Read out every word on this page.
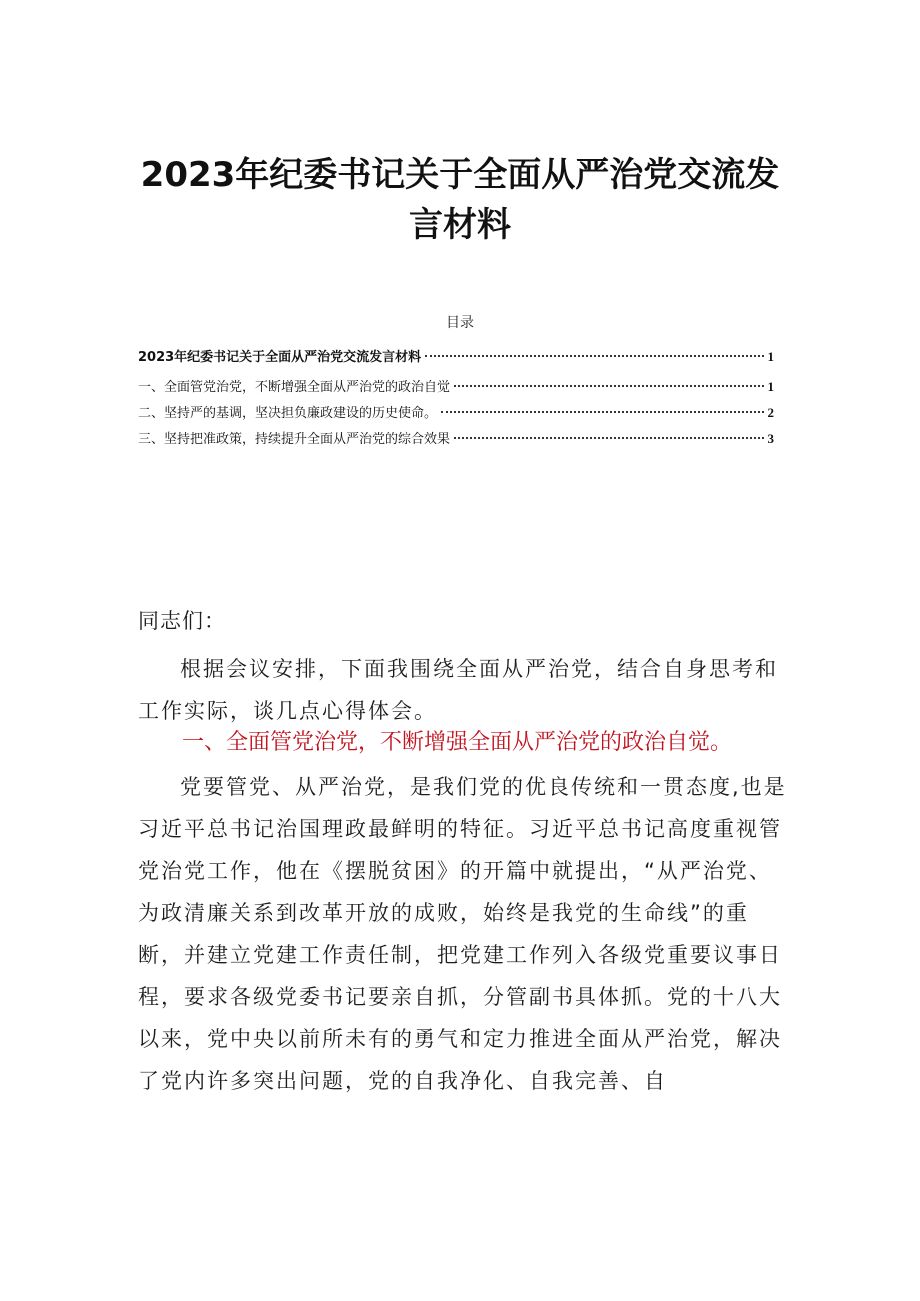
2023年纪委书记关于全面从严治党交流发
言材料
目录
2023年纪委书记关于全面从严治党交流发言材料	1
一、全面管党治党，不断增强全面从严治党的政治自觉	1
二、坚持严的基调，坚决担负廉政建设的历史使命。	2
三、坚持把准政策，持续提升全面从严治党的综合效果	3

同志们：

根据会议安排，下面我围绕全面从严治党，结合自身思考和工作实际，谈几点心得体会。

一、全面管党治党，不断增强全面从严治党的政治自觉。

党要管党、从严治党，是我们党的优良传统和一贯态度,也是习近平总书记治国理政最鲜明的特征。习近平总书记高度重视管党治党工作，他在《摆脱贫困》的开篇中就提出，“从严治党、为政清廉关系到改革开放的成败，始终是我党的生命线”的重断，并建立党建工作责任制，把党建工作列入各级党重要议事日程，要求各级党委书记要亲自抓，分管副书具体抓。党的十八大以来，党中央以前所未有的勇气和定力推进全面从严治党，解决了党内许多突出问题，党的自我净化、自我完善、自
